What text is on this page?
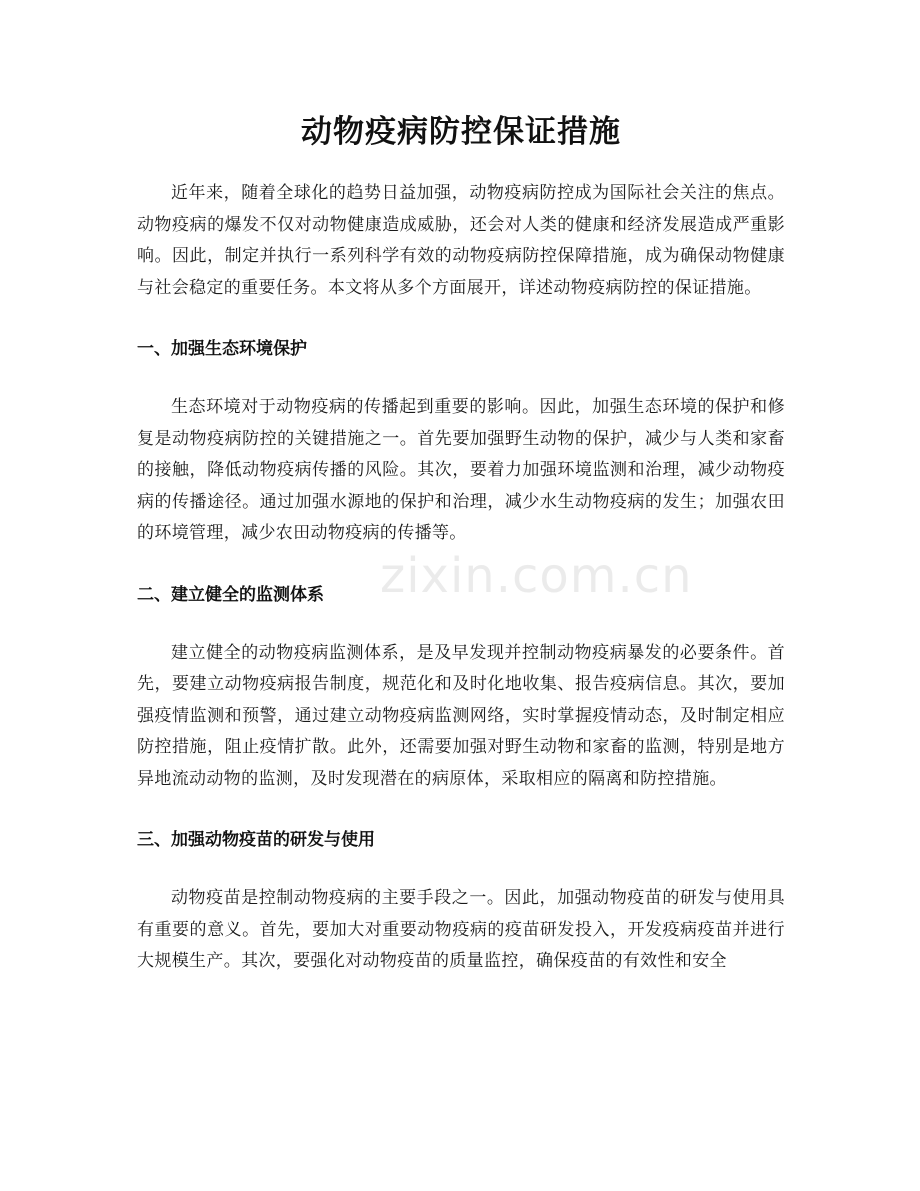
动物疫病防控保证措施

近年来，随着全球化的趋势日益加强，动物疫病防控成为国际社会关注的焦点。动物疫病的爆发不仅对动物健康造成威胁，还会对人类的健康和经济发展造成严重影响。因此，制定并执行一系列科学有效的动物疫病防控保障措施，成为确保动物健康与社会稳定的重要任务。本文将从多个方面展开，详述动物疫病防控的保证措施。

一、加强生态环境保护

生态环境对于动物疫病的传播起到重要的影响。因此，加强生态环境的保护和修复是动物疫病防控的关键措施之一。首先要加强野生动物的保护，减少与人类和家畜的接触，降低动物疫病传播的风险。其次，要着力加强环境监测和治理，减少动物疫病的传播途径。通过加强水源地的保护和治理，减少水生动物疫病的发生；加强农田的环境管理，减少农田动物疫病的传播等。

二、建立健全的监测体系

建立健全的动物疫病监测体系，是及早发现并控制动物疫病暴发的必要条件。首先，要建立动物疫病报告制度，规范化和及时化地收集、报告疫病信息。其次，要加强疫情监测和预警，通过建立动物疫病监测网络，实时掌握疫情动态，及时制定相应防控措施，阻止疫情扩散。此外，还需要加强对野生动物和家畜的监测，特别是地方异地流动动物的监测，及时发现潜在的病原体，采取相应的隔离和防控措施。

三、加强动物疫苗的研发与使用

动物疫苗是控制动物疫病的主要手段之一。因此，加强动物疫苗的研发与使用具有重要的意义。首先，要加大对重要动物疫病的疫苗研发投入，开发疫病疫苗并进行大规模生产。其次，要强化对动物疫苗的质量监控，确保疫苗的有效性和安全

zixin.com.cn
